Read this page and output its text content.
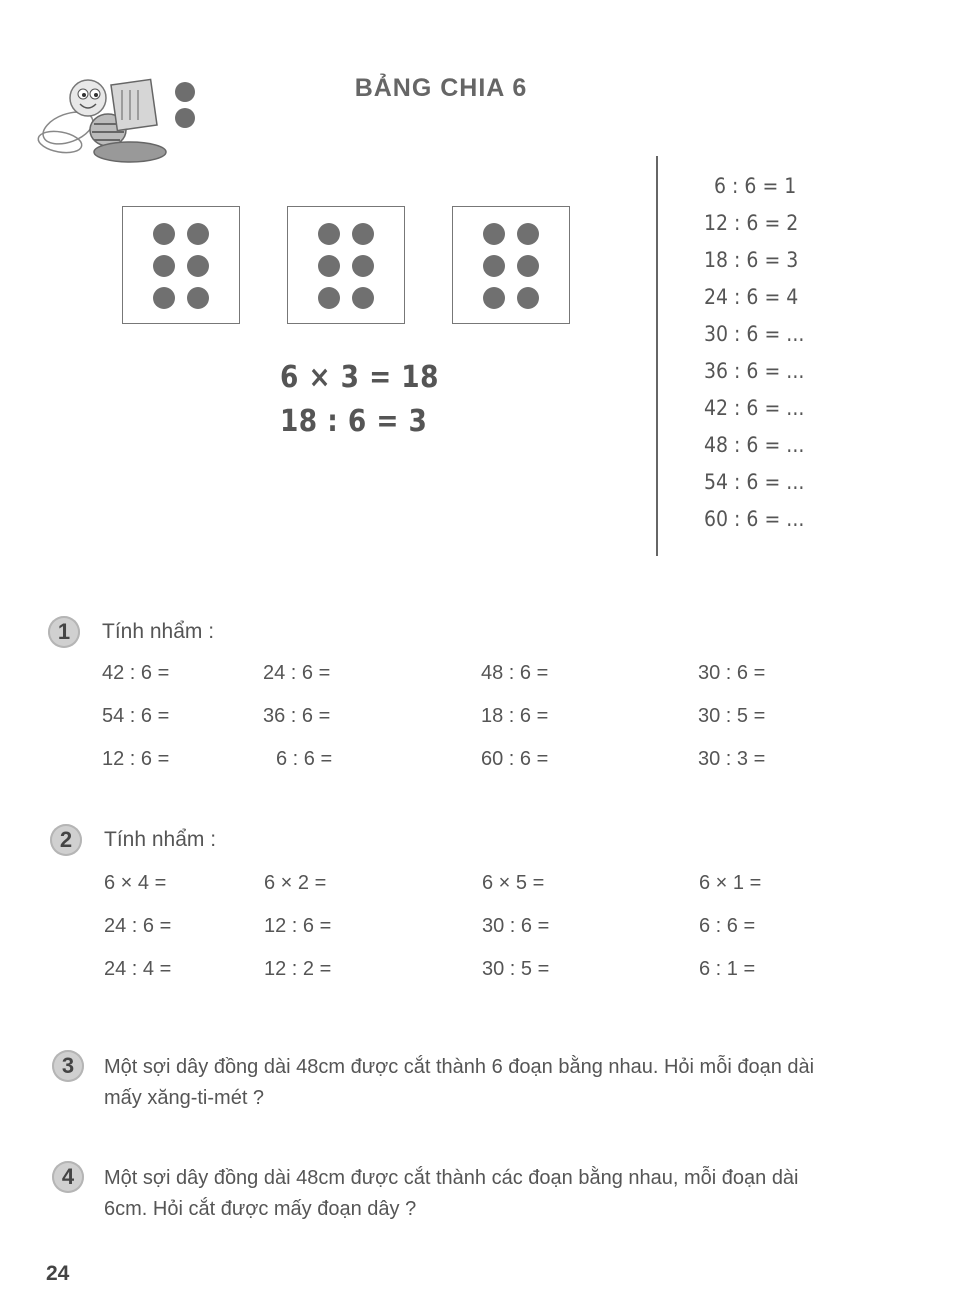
BẢNG CHIA 6
6 × 3 = 18
18 : 6 = 3
6 : 6 = 1
12 : 6 = 2
18 : 6 = 3
24 : 6 = 4
30 : 6 = ...
36 : 6 = ...
42 : 6 = ...
48 : 6 = ...
54 : 6 = ...
60 : 6 = ...
1	Tính nhẩm :
42 : 6 =	24 : 6 =	48 : 6 =	30 : 6 =
54 : 6 =	36 : 6 =	18 : 6 =	30 : 5 =
12 : 6 =	6 : 6 =	60 : 6 =	30 : 3 =
2	Tính nhẩm :
6 × 4 =	6 × 2 =	6 × 5 =	6 × 1 =
24 : 6 =	12 : 6 =	30 : 6 =	6 : 6 =
24 : 4 =	12 : 2 =	30 : 5 =	6 : 1 =
3	Một sợi dây đồng dài 48cm được cắt thành 6 đoạn bằng nhau. Hỏi mỗi đoạn dài
mấy xăng-ti-mét ?
4	Một sợi dây đồng dài 48cm được cắt thành các đoạn bằng nhau, mỗi đoạn dài
6cm. Hỏi cắt được mấy đoạn dây ?
24
